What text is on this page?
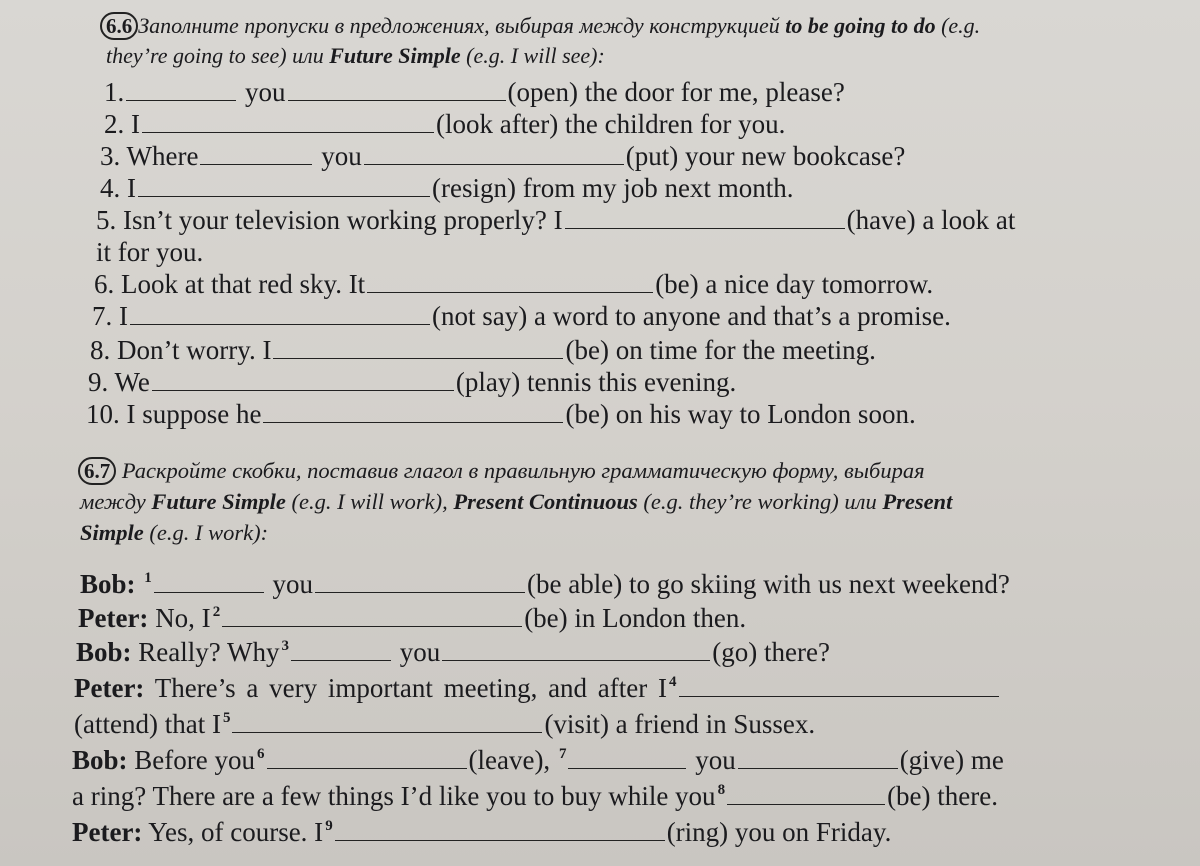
6.6 Заполните пропуски в предложениях, выбирая между конструкцией to be going to do (e.g.
they’re going to see) или Future Simple (e.g. I will see):
1.	you	(open) the door for me, please?
2. I	(look after) the children for you.
3. Where	you	(put) your new bookcase?
4. I	(resign) from my job next month.
5. Isn’t your television working properly? I	(have) a look at
it for you.
6. Look at that red sky. It	(be) a nice day tomorrow.
7. I	(not say) a word to anyone and that’s a promise.
8. Don’t worry. I	(be) on time for the meeting.
9. We	(play) tennis this evening.
10. I suppose he	(be) on his way to London soon.
6.7 Раскройте скобки, поставив глагол в правильную грамматическую форму, выбирая
между Future Simple (e.g. I will work), Present Continuous (e.g. they’re working) или Present
Simple (e.g. I work):
Bob: $^1$	you	(be able) to go skiing with us next weekend?
Peter: No, I $^2$	(be) in London then.
Bob: Really? Why $^3$	you	(go) there?
Peter: There’s a very important meeting, and after I $^4$
(attend) that I $^5$	(visit) a friend in Sussex.
Bob: Before you $^6$	(leave), $^7$	you	(give) me
a ring? There are a few things I’d like you to buy while you $^8$	(be) there.
Peter: Yes, of course. I $^9$	(ring) you on Friday.
